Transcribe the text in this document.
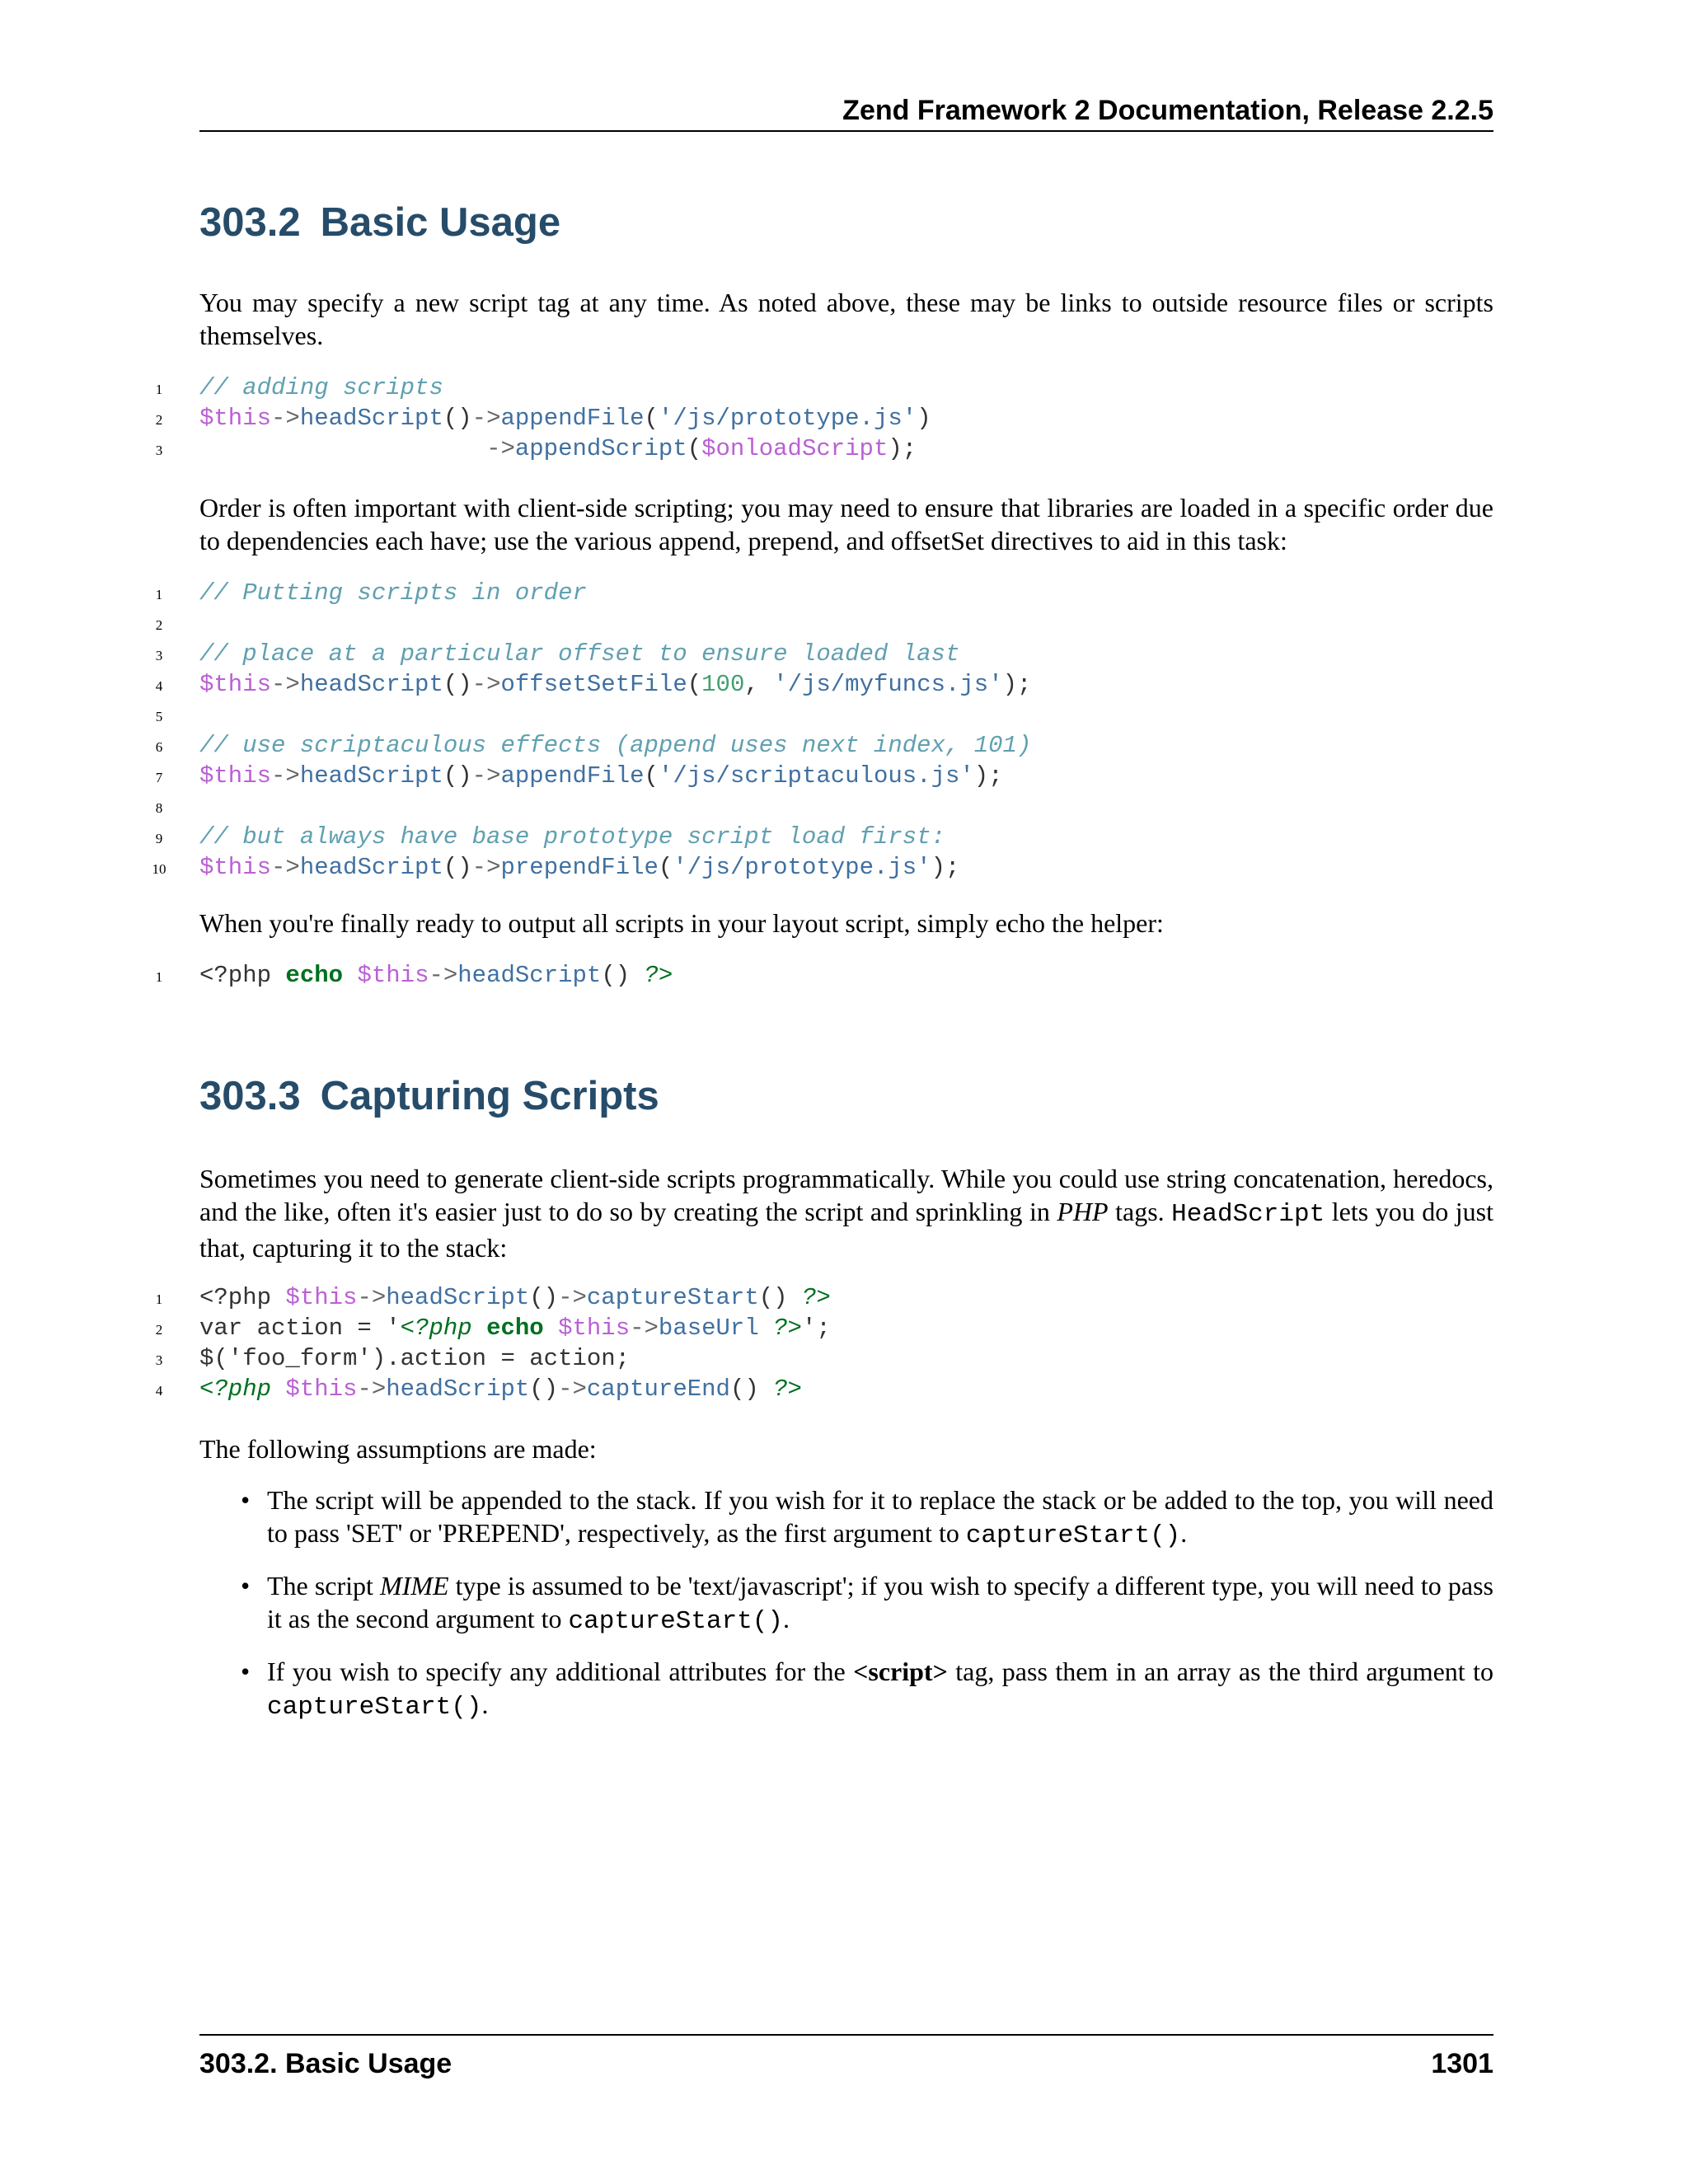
Zend Framework 2 Documentation, Release 2.2.5
303.2 Basic Usage

You may specify a new script tag at any time. As noted above, these may be links to outside resource files or scripts themselves.

1	// adding scripts
2	$this->headScript()->appendFile('/js/prototype.js')
3	->appendScript($onloadScript);

Order is often important with client-side scripting; you may need to ensure that libraries are loaded in a specific order due to dependencies each have; use the various append, prepend, and offsetSet directives to aid in this task:

1	// Putting scripts in order
2
3	// place at a particular offset to ensure loaded last
4	$this->headScript()->offsetSetFile(100, '/js/myfuncs.js');
5
6	// use scriptaculous effects (append uses next index, 101)
7	$this->headScript()->appendFile('/js/scriptaculous.js');
8
9	// but always have base prototype script load first:
10 $this->headScript()->prependFile('/js/prototype.js');

When you're finally ready to output all scripts in your layout script, simply echo the helper:

1	<?php echo $this->headScript() ?>
303.3 Capturing Scripts

Sometimes you need to generate client-side scripts programmatically. While you could use string concatenation, heredocs, and the like, often it's easier just to do so by creating the script and sprinkling in PHP tags. HeadScript lets you do just that, capturing it to the stack:

1	<?php $this->headScript()->captureStart() ?>
2	var action = '<?php echo $this->baseUrl ?>';
3	$('foo_form').action = action;
4	<?php $this->headScript()->captureEnd() ?>

The following assumptions are made:

• The script will be appended to the stack. If you wish for it to replace the stack or be added to the top, you will need to pass 'SET' or 'PREPEND', respectively, as the first argument to captureStart().
• The script MIME type is assumed to be 'text/javascript'; if you wish to specify a different type, you will need to pass it as the second argument to captureStart().
• If you wish to specify any additional attributes for the <script> tag, pass them in an array as the third argument to captureStart().
303.2. Basic Usage	1301
